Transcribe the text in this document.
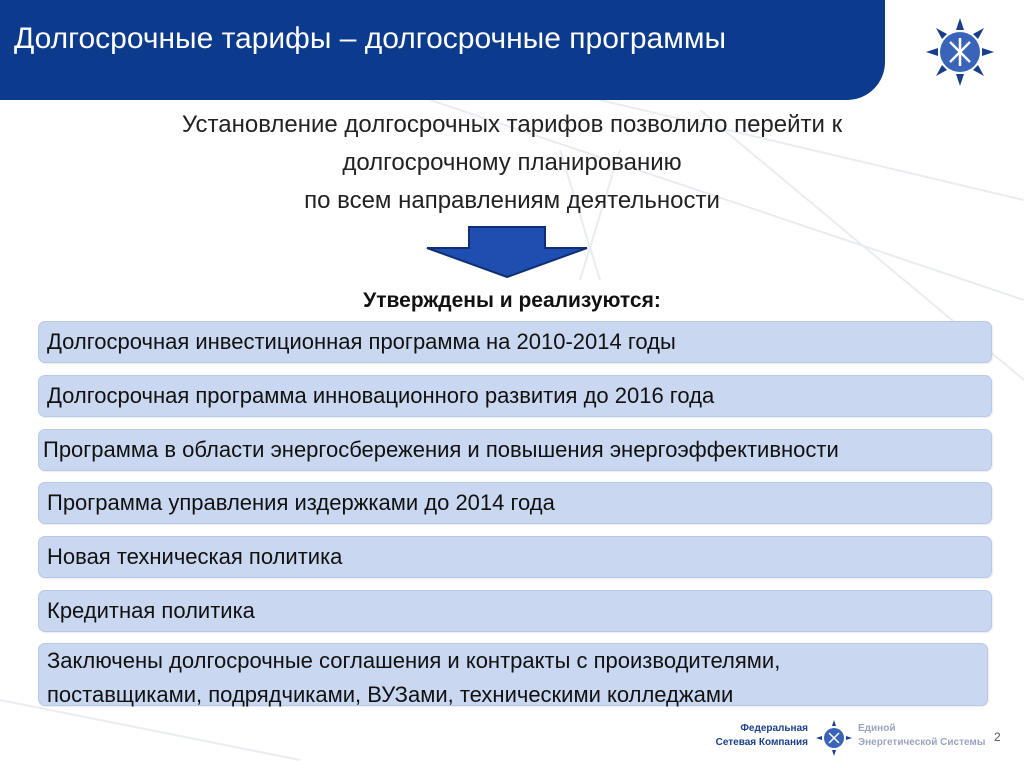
Долгосрочные тарифы – долгосрочные программы
Установление долгосрочных тарифов позволило перейти к
долгосрочному планированию
по всем направлениям деятельности
Утверждены и реализуются:
Долгосрочная инвестиционная программа на 2010-2014 годы
Долгосрочная программа инновационного развития до 2016 года
Программа в области энергосбережения и повышения энергоэффективности
Программа управления издержками до 2014 года
Новая техническая политика
Кредитная политика
Заключены долгосрочные соглашения и контракты с производителями,
поставщиками, подрядчиками, ВУЗами, техническими колледжами
Федеральная
Сетевая Компания
Единой
Энергетической Системы 2
